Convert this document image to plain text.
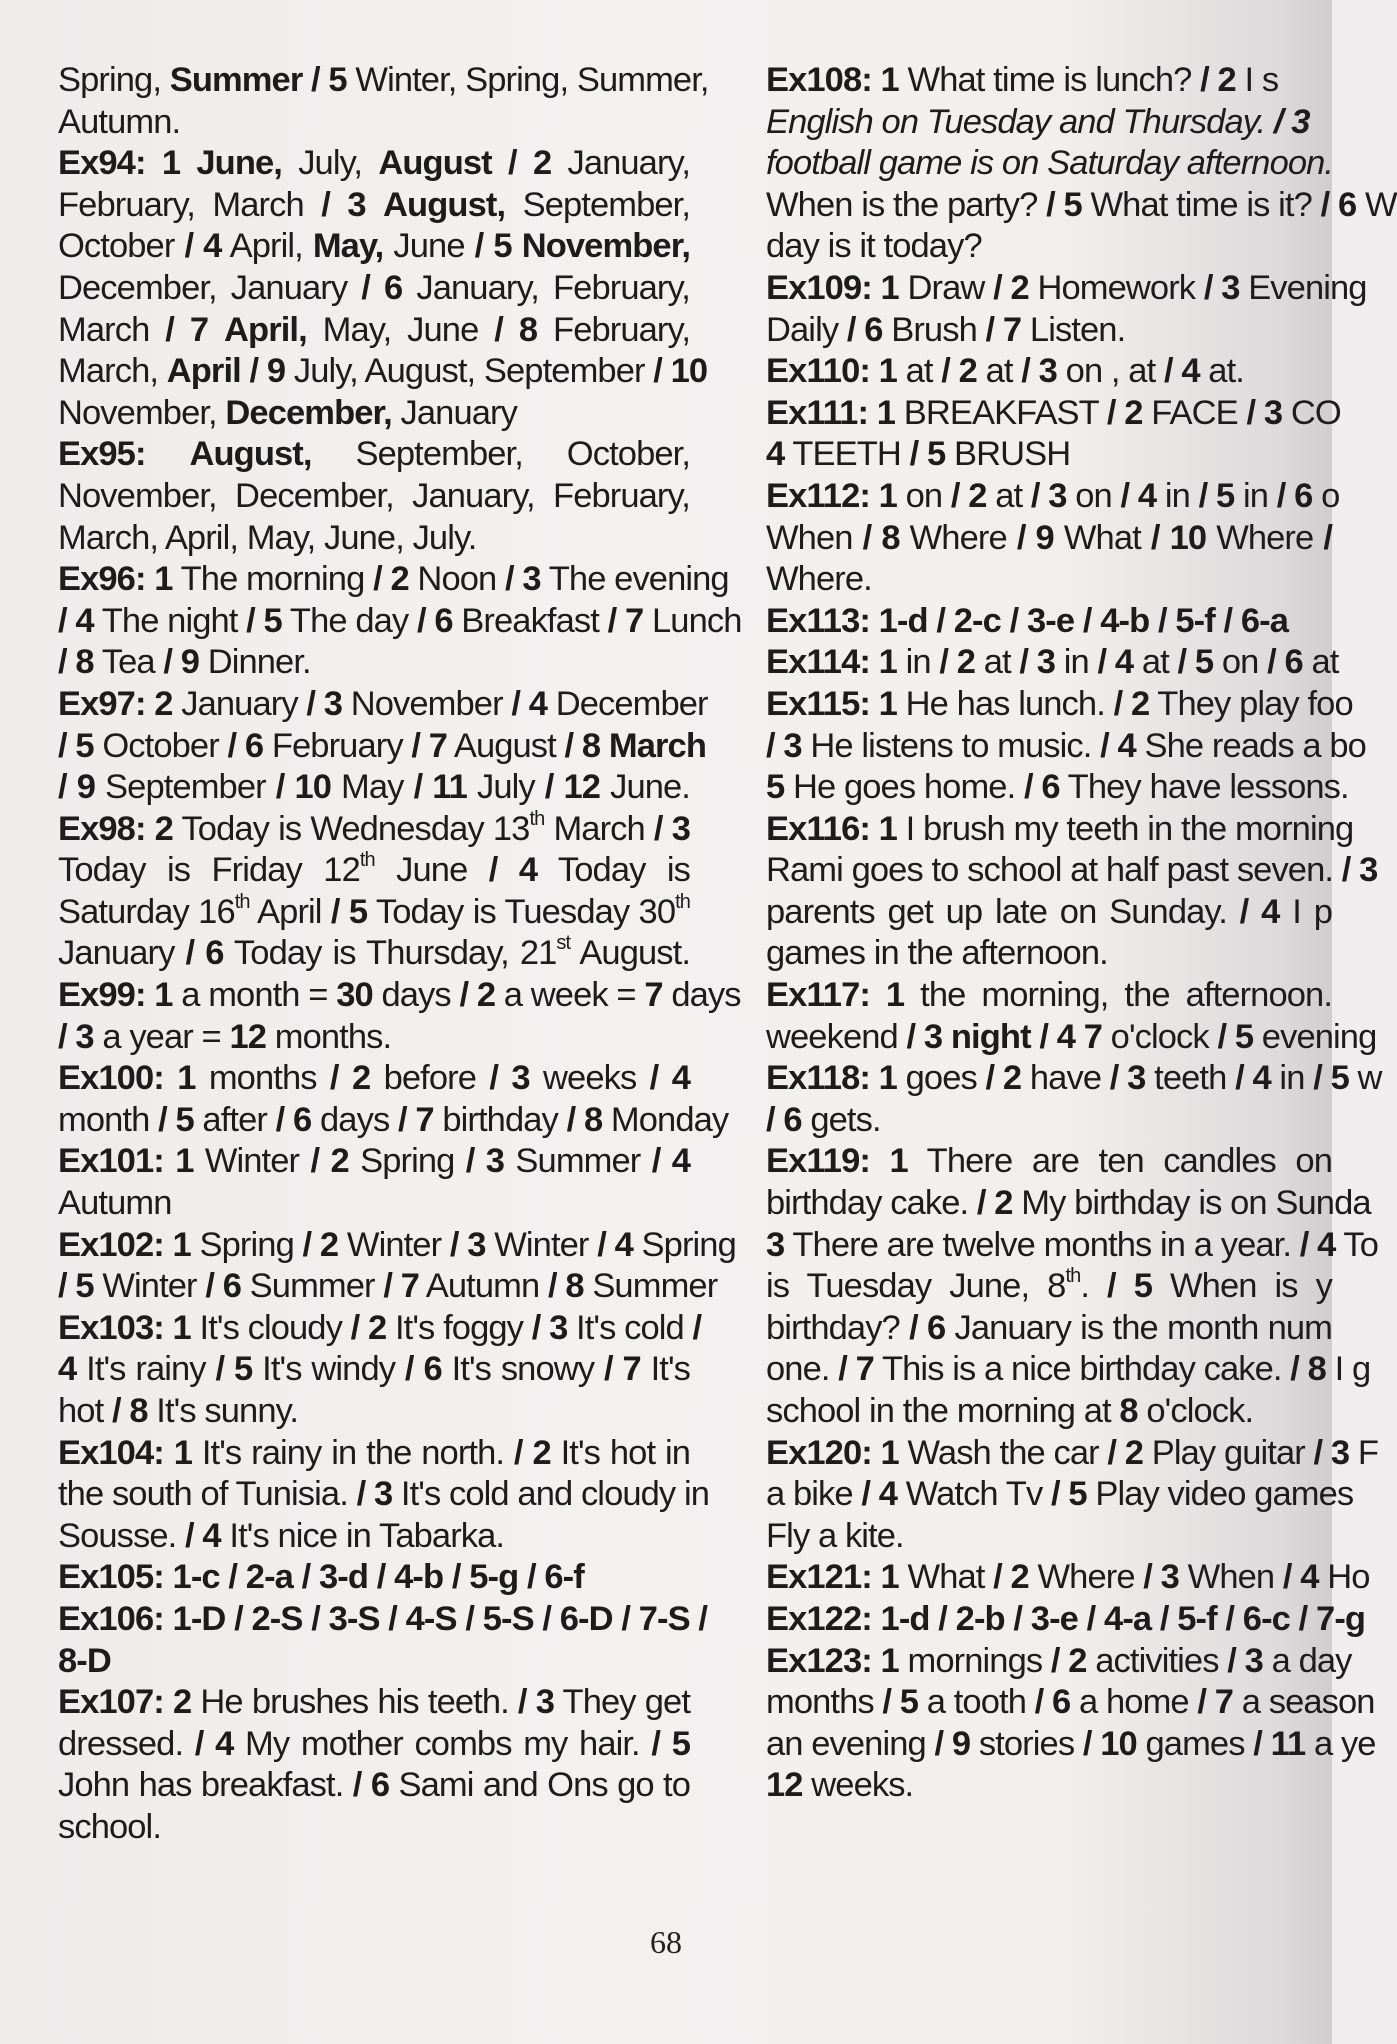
Spring, Summer / 5 Winter, Spring, Summer,
Autumn.
Ex94: 1 June, July, August / 2 January,
February, March / 3 August, September,
October / 4 April, May, June / 5 November,
December, January / 6 January, February,
March / 7 April, May, June / 8 February,
March, April / 9 July, August, September / 10
November, December, January
Ex95: August, September, October,
November, December, January, February,
March, April, May, June, July.
Ex96: 1 The morning / 2 Noon / 3 The evening
/ 4 The night / 5 The day / 6 Breakfast / 7 Lunch
/ 8 Tea / 9 Dinner.
Ex97: 2 January / 3 November / 4 December
/ 5 October / 6 February / 7 August / 8 March
/ 9 September / 10 May / 11 July / 12 June.
Ex98: 2 Today is Wednesday 13th March / 3
Today is Friday 12th June / 4 Today is
Saturday 16th April / 5 Today is Tuesday 30th
January / 6 Today is Thursday, 21st August.
Ex99: 1 a month = 30 days / 2 a week = 7 days
/ 3 a year = 12 months.
Ex100: 1 months / 2 before / 3 weeks / 4
month / 5 after / 6 days / 7 birthday / 8 Monday
Ex101: 1 Winter / 2 Spring / 3 Summer / 4
Autumn
Ex102: 1 Spring / 2 Winter / 3 Winter / 4 Spring
/ 5 Winter / 6 Summer / 7 Autumn / 8 Summer
Ex103: 1 It's cloudy / 2 It's foggy / 3 It's cold /
4 It's rainy / 5 It's windy / 6 It's snowy / 7 It's
hot / 8 It's sunny.
Ex104: 1 It's rainy in the north. / 2 It's hot in
the south of Tunisia. / 3 It's cold and cloudy in
Sousse. / 4 It's nice in Tabarka.
Ex105: 1-c / 2-a / 3-d / 4-b / 5-g / 6-f
Ex106: 1-D / 2-S / 3-S / 4-S / 5-S / 6-D / 7-S /
8-D
Ex107: 2 He brushes his teeth. / 3 They get
dressed. / 4 My mother combs my hair. / 5
John has breakfast. / 6 Sami and Ons go to
school.
Ex108: 1 What time is lunch? / 2 I s
English on Tuesday and Thursday. / 3
football game is on Saturday afternoon.
When is the party? / 5 What time is it? / 6 W
day is it today?
Ex109: 1 Draw / 2 Homework / 3 Evening
Daily / 6 Brush / 7 Listen.
Ex110: 1 at / 2 at / 3 on , at / 4 at.
Ex111: 1 BREAKFAST / 2 FACE / 3 CO
4 TEETH / 5 BRUSH
Ex112: 1 on / 2 at / 3 on / 4 in / 5 in / 6 o
When / 8 Where / 9 What / 10 Where /
Where.
Ex113: 1-d / 2-c / 3-e / 4-b / 5-f / 6-a
Ex114: 1 in / 2 at / 3 in / 4 at / 5 on / 6 at
Ex115: 1 He has lunch. / 2 They play foo
/ 3 He listens to music. / 4 She reads a bo
5 He goes home. / 6 They have lessons.
Ex116: 1 I brush my teeth in the morning
Rami goes to school at half past seven. / 3
parents get up late on Sunday. / 4 I p
games in the afternoon.
Ex117: 1 the morning, the afternoon.
weekend / 3 night / 4 7 o'clock / 5 evening
Ex118: 1 goes / 2 have / 3 teeth / 4 in / 5 w
/ 6 gets.
Ex119: 1 There are ten candles on
birthday cake. / 2 My birthday is on Sunda
3 There are twelve months in a year. / 4 To
is Tuesday June, 8th. / 5 When is y
birthday? / 6 January is the month num
one. / 7 This is a nice birthday cake. / 8 I g
school in the morning at 8 o'clock.
Ex120: 1 Wash the car / 2 Play guitar / 3 F
a bike / 4 Watch Tv / 5 Play video games
Fly a kite.
Ex121: 1 What / 2 Where / 3 When / 4 Ho
Ex122: 1-d / 2-b / 3-e / 4-a / 5-f / 6-c / 7-g
Ex123: 1 mornings / 2 activities / 3 a day
months / 5 a tooth / 6 a home / 7 a season
an evening / 9 stories / 10 games / 11 a ye
12 weeks.
68
